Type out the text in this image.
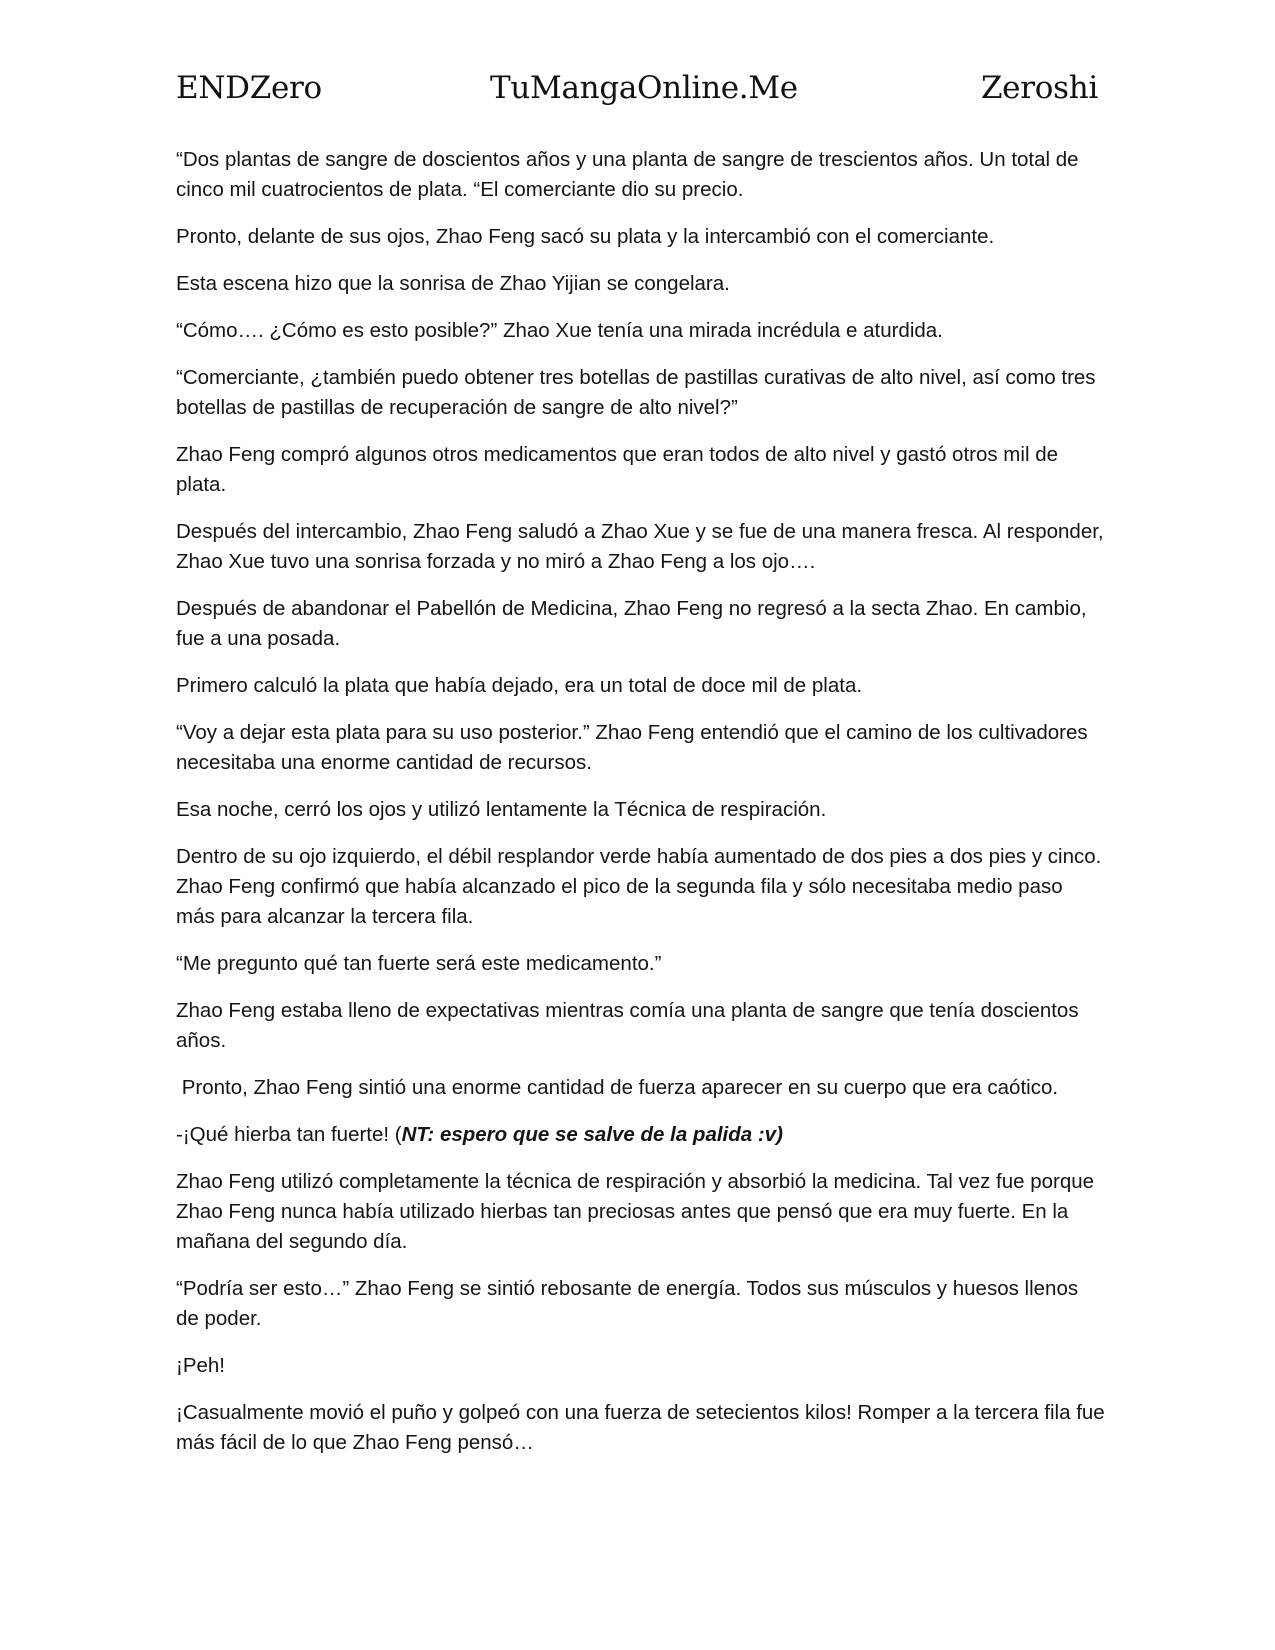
ENDZero	TuMangaOnline.Me	Zeroshi

“Dos plantas de sangre de doscientos años y una planta de sangre de trescientos años. Un total de cinco mil cuatrocientos de plata. “El comerciante dio su precio.

Pronto, delante de sus ojos, Zhao Feng sacó su plata y la intercambió con el comerciante.

Esta escena hizo que la sonrisa de Zhao Yijian se congelara.

“Cómo…. ¿Cómo es esto posible?” Zhao Xue tenía una mirada incrédula e aturdida.

“Comerciante, ¿también puedo obtener tres botellas de pastillas curativas de alto nivel, así como tres botellas de pastillas de recuperación de sangre de alto nivel?”

Zhao Feng compró algunos otros medicamentos que eran todos de alto nivel y gastó otros mil de plata.

Después del intercambio, Zhao Feng saludó a Zhao Xue y se fue de una manera fresca. Al responder, Zhao Xue tuvo una sonrisa forzada y no miró a Zhao Feng a los ojo….

Después de abandonar el Pabellón de Medicina, Zhao Feng no regresó a la secta Zhao. En cambio, fue a una posada.

Primero calculó la plata que había dejado, era un total de doce mil de plata.

“Voy a dejar esta plata para su uso posterior.” Zhao Feng entendió que el camino de los cultivadores necesitaba una enorme cantidad de recursos.

Esa noche, cerró los ojos y utilizó lentamente la Técnica de respiración.

Dentro de su ojo izquierdo, el débil resplandor verde había aumentado de dos pies a dos pies y cinco. Zhao Feng confirmó que había alcanzado el pico de la segunda fila y sólo necesitaba medio paso más para alcanzar la tercera fila.

“Me pregunto qué tan fuerte será este medicamento.”

Zhao Feng estaba lleno de expectativas mientras comía una planta de sangre que tenía doscientos años.

Pronto, Zhao Feng sintió una enorme cantidad de fuerza aparecer en su cuerpo que era caótico.

-¡Qué hierba tan fuerte! (NT: espero que se salve de la palida :v)

Zhao Feng utilizó completamente la técnica de respiración y absorbió la medicina. Tal vez fue porque Zhao Feng nunca había utilizado hierbas tan preciosas antes que pensó que era muy fuerte. En la mañana del segundo día.

“Podría ser esto…” Zhao Feng se sintió rebosante de energía. Todos sus músculos y huesos llenos de poder.

¡Peh!

¡Casualmente movió el puño y golpeó con una fuerza de setecientos kilos! Romper a la tercera fila fue más fácil de lo que Zhao Feng pensó…
